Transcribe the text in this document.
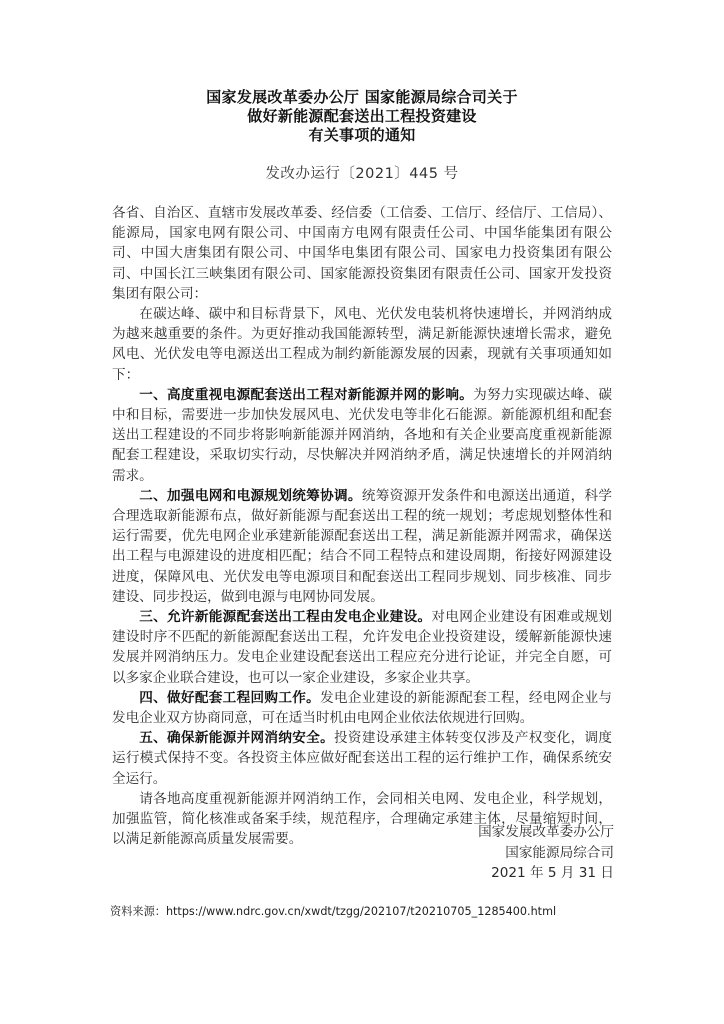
国家发展改革委办公厅 国家能源局综合司关于
做好新能源配套送出工程投资建设
有关事项的通知
发改办运行〔2021〕445 号

各省、自治区、直辖市发展改革委、经信委（工信委、工信厅、经信厅、工信局）、能源局，国家电网有限公司、中国南方电网有限责任公司、中国华能集团有限公司、中国大唐集团有限公司、中国华电集团有限公司、国家电力投资集团有限公司、中国长江三峡集团有限公司、国家能源投资集团有限责任公司、国家开发投资集团有限公司：

在碳达峰、碳中和目标背景下，风电、光伏发电装机将快速增长，并网消纳成为越来越重要的条件。为更好推动我国能源转型，满足新能源快速增长需求，避免风电、光伏发电等电源送出工程成为制约新能源发展的因素，现就有关事项通知如下：

一、高度重视电源配套送出工程对新能源并网的影响。为努力实现碳达峰、碳中和目标，需要进一步加快发展风电、光伏发电等非化石能源。新能源机组和配套送出工程建设的不同步将影响新能源并网消纳，各地和有关企业要高度重视新能源配套工程建设，采取切实行动，尽快解决并网消纳矛盾，满足快速增长的并网消纳需求。

二、加强电网和电源规划统筹协调。统筹资源开发条件和电源送出通道，科学合理选取新能源布点，做好新能源与配套送出工程的统一规划；考虑规划整体性和运行需要，优先电网企业承建新能源配套送出工程，满足新能源并网需求，确保送出工程与电源建设的进度相匹配；结合不同工程特点和建设周期，衔接好网源建设进度，保障风电、光伏发电等电源项目和配套送出工程同步规划、同步核准、同步建设、同步投运，做到电源与电网协同发展。

三、允许新能源配套送出工程由发电企业建设。对电网企业建设有困难或规划建设时序不匹配的新能源配套送出工程，允许发电企业投资建设，缓解新能源快速发展并网消纳压力。发电企业建设配套送出工程应充分进行论证，并完全自愿，可以多家企业联合建设，也可以一家企业建设，多家企业共享。

四、做好配套工程回购工作。发电企业建设的新能源配套工程，经电网企业与发电企业双方协商同意，可在适当时机由电网企业依法依规进行回购。

五、确保新能源并网消纳安全。投资建设承建主体转变仅涉及产权变化，调度运行模式保持不变。各投资主体应做好配套送出工程的运行维护工作，确保系统安全运行。

请各地高度重视新能源并网消纳工作，会同相关电网、发电企业，科学规划，加强监管，简化核准或备案手续，规范程序，合理确定承建主体，尽量缩短时间，以满足新能源高质量发展需要。	国家发展改革委办公厅
国家能源局综合司
2021 年 5 月 31 日
资料来源：https://www.ndrc.gov.cn/xwdt/tzgg/202107/t20210705_1285400.html
